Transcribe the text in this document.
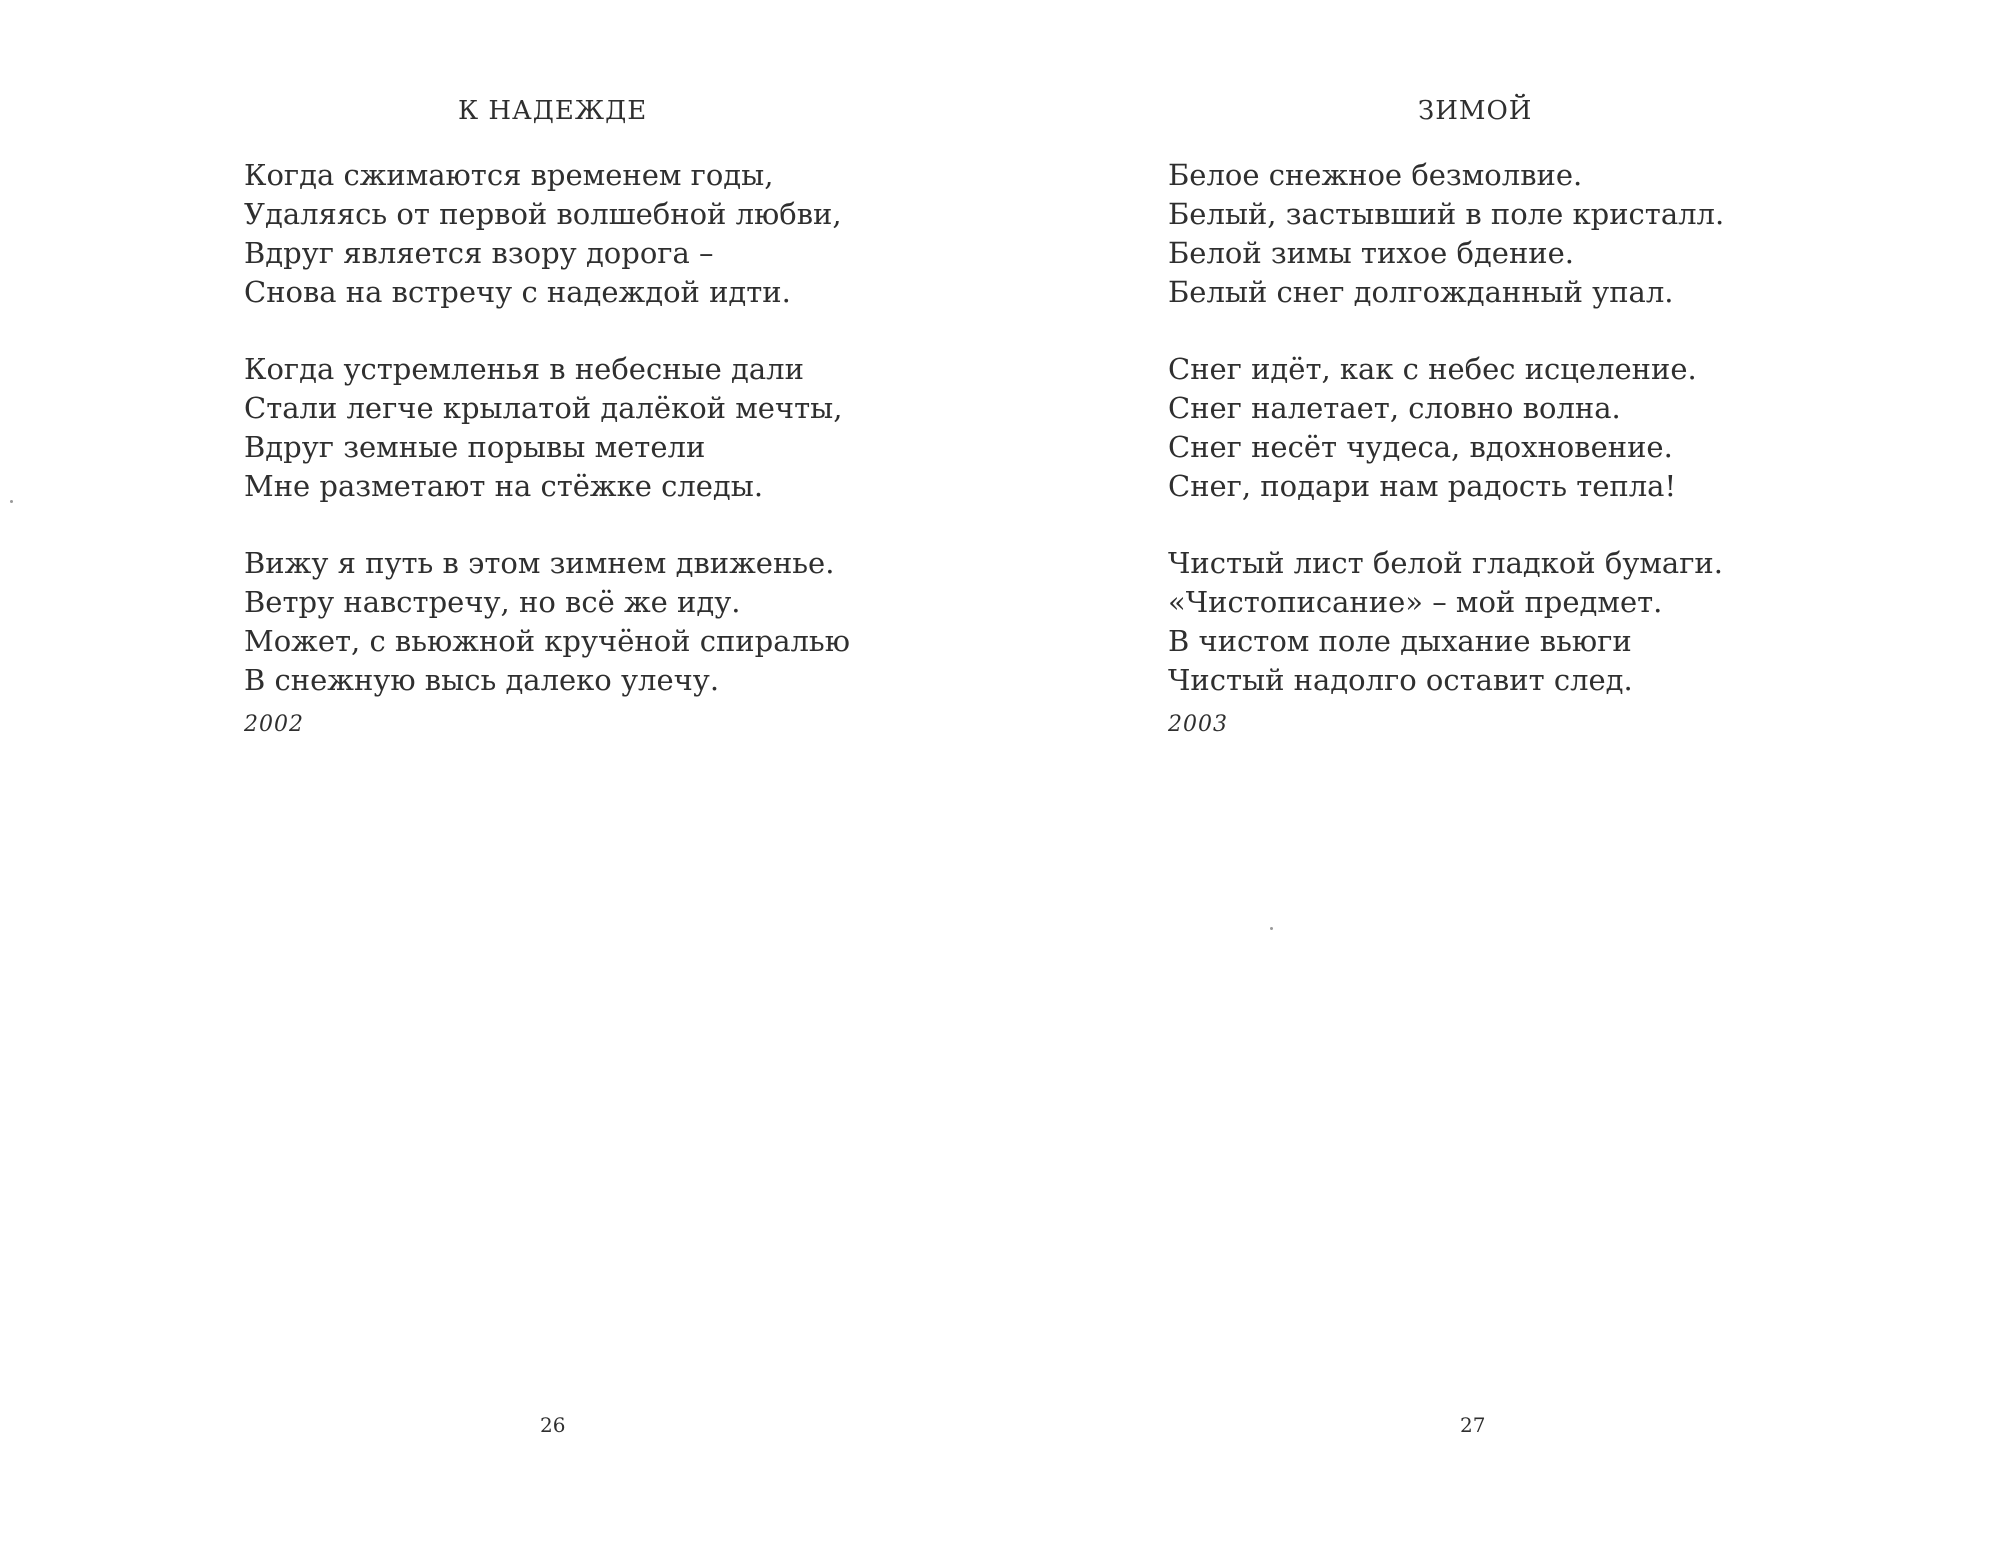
К НАДЕЖДЕ
Когда сжимаются временем годы,
Удаляясь от первой волшебной любви,
Вдруг является взору дорога –
Снова на встречу с надеждой идти.
Когда устремленья в небесные дали
Стали легче крылатой далёкой мечты,
Вдруг земные порывы метели
Мне разметают на стёжке следы.
Вижу я путь в этом зимнем движенье.
Ветру навстречу, но всё же иду.
Может, с вьюжной кручёной спиралью
В снежную высь далеко улечу.
2002

26

ЗИМОЙ
Белое снежное безмолвие.
Белый, застывший в поле кристалл.
Белой зимы тихое бдение.
Белый снег долгожданный упал.
Снег идёт, как с небес исцеление.
Снег налетает, словно волна.
Снег несёт чудеса, вдохновение.
Снег, подари нам радость тепла!
Чистый лист белой гладкой бумаги.
«Чистописание» – мой предмет.
В чистом поле дыхание вьюги
Чистый надолго оставит след.
2003

27
